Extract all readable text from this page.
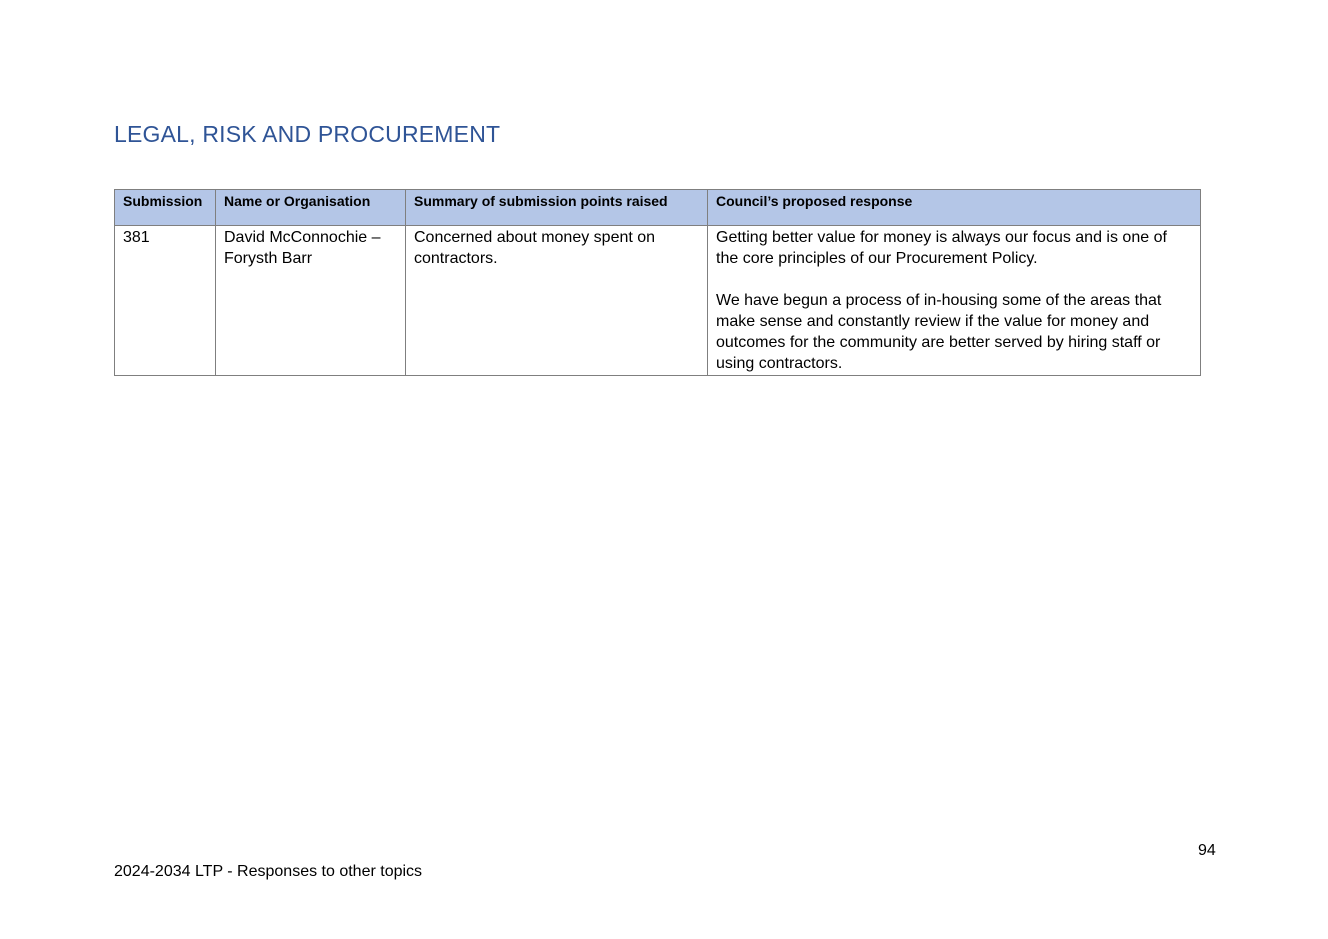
LEGAL, RISK AND PROCUREMENT
Submission	Name or Organisation	Summary of submission points raised	Council’s proposed response
381	David McConnochie – Forysth Barr	Concerned about money spent on contractors.	Getting better value for money is always our focus and is one of the core principles of our Procurement Policy.
We have begun a process of in-housing some of the areas that make sense and constantly review if the value for money and outcomes for the community are better served by hiring staff or using contractors.
94
2024-2034 LTP - Responses to other topics
